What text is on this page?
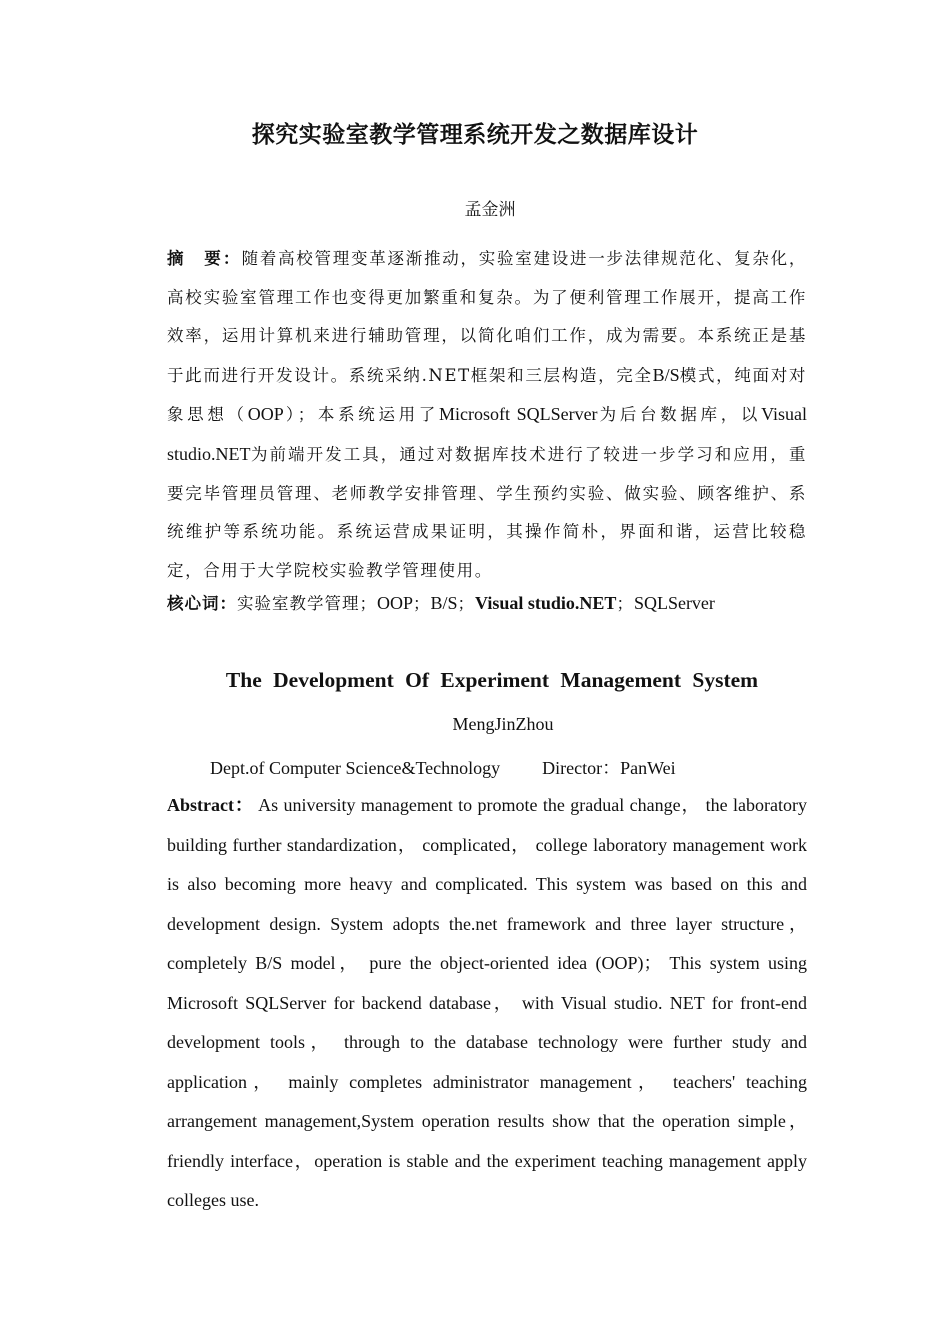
探究实验室教学管理系统开发之数据库设计
孟金洲
摘　要：随着高校管理变革逐渐推动，实验室建设进一步法律规范化、复杂化，高校实验室管理工作也变得更加繁重和复杂。为了便利管理工作展开，提高工作效率，运用计算机来进行辅助管理，以简化咱们工作，成为需要。本系统正是基于此而进行开发设计。系统采纳.NET框架和三层构造，完全B/S模式，纯面对对象思想（OOP）；本系统运用了Microsoft SQLServer为后台数据库，以Visual studio.NET为前端开发工具，通过对数据库技术进行了较进一步学习和应用，重要完毕管理员管理、老师教学安排管理、学生预约实验、做实验、顾客维护、系统维护等系统功能。系统运营成果证明，其操作简朴，界面和谐，运营比较稳定，合用于大学院校实验教学管理使用。
核心词：实验室教学管理；OOP；B/S；Visual studio.NET；SQLServer
The Development Of Experiment Management System
MengJinZhou
Dept.of Computer Science&Technology Director：PanWei
Abstract： As university management to promote the gradual change， the laboratory building further standardization， complicated， college laboratory management work is also becoming more heavy and complicated. This system was based on this and development design. System adopts the.net framework and three layer structure， completely B/S model， pure the object-oriented idea (OOP)； This system using Microsoft SQLServer for backend database， with Visual studio. NET for front-end development tools， through to the database technology were further study and application， mainly completes administrator management， teachers' teaching arrangement management,System operation results show that the operation simple，friendly interface，operation is stable and the experiment teaching management apply colleges use.
